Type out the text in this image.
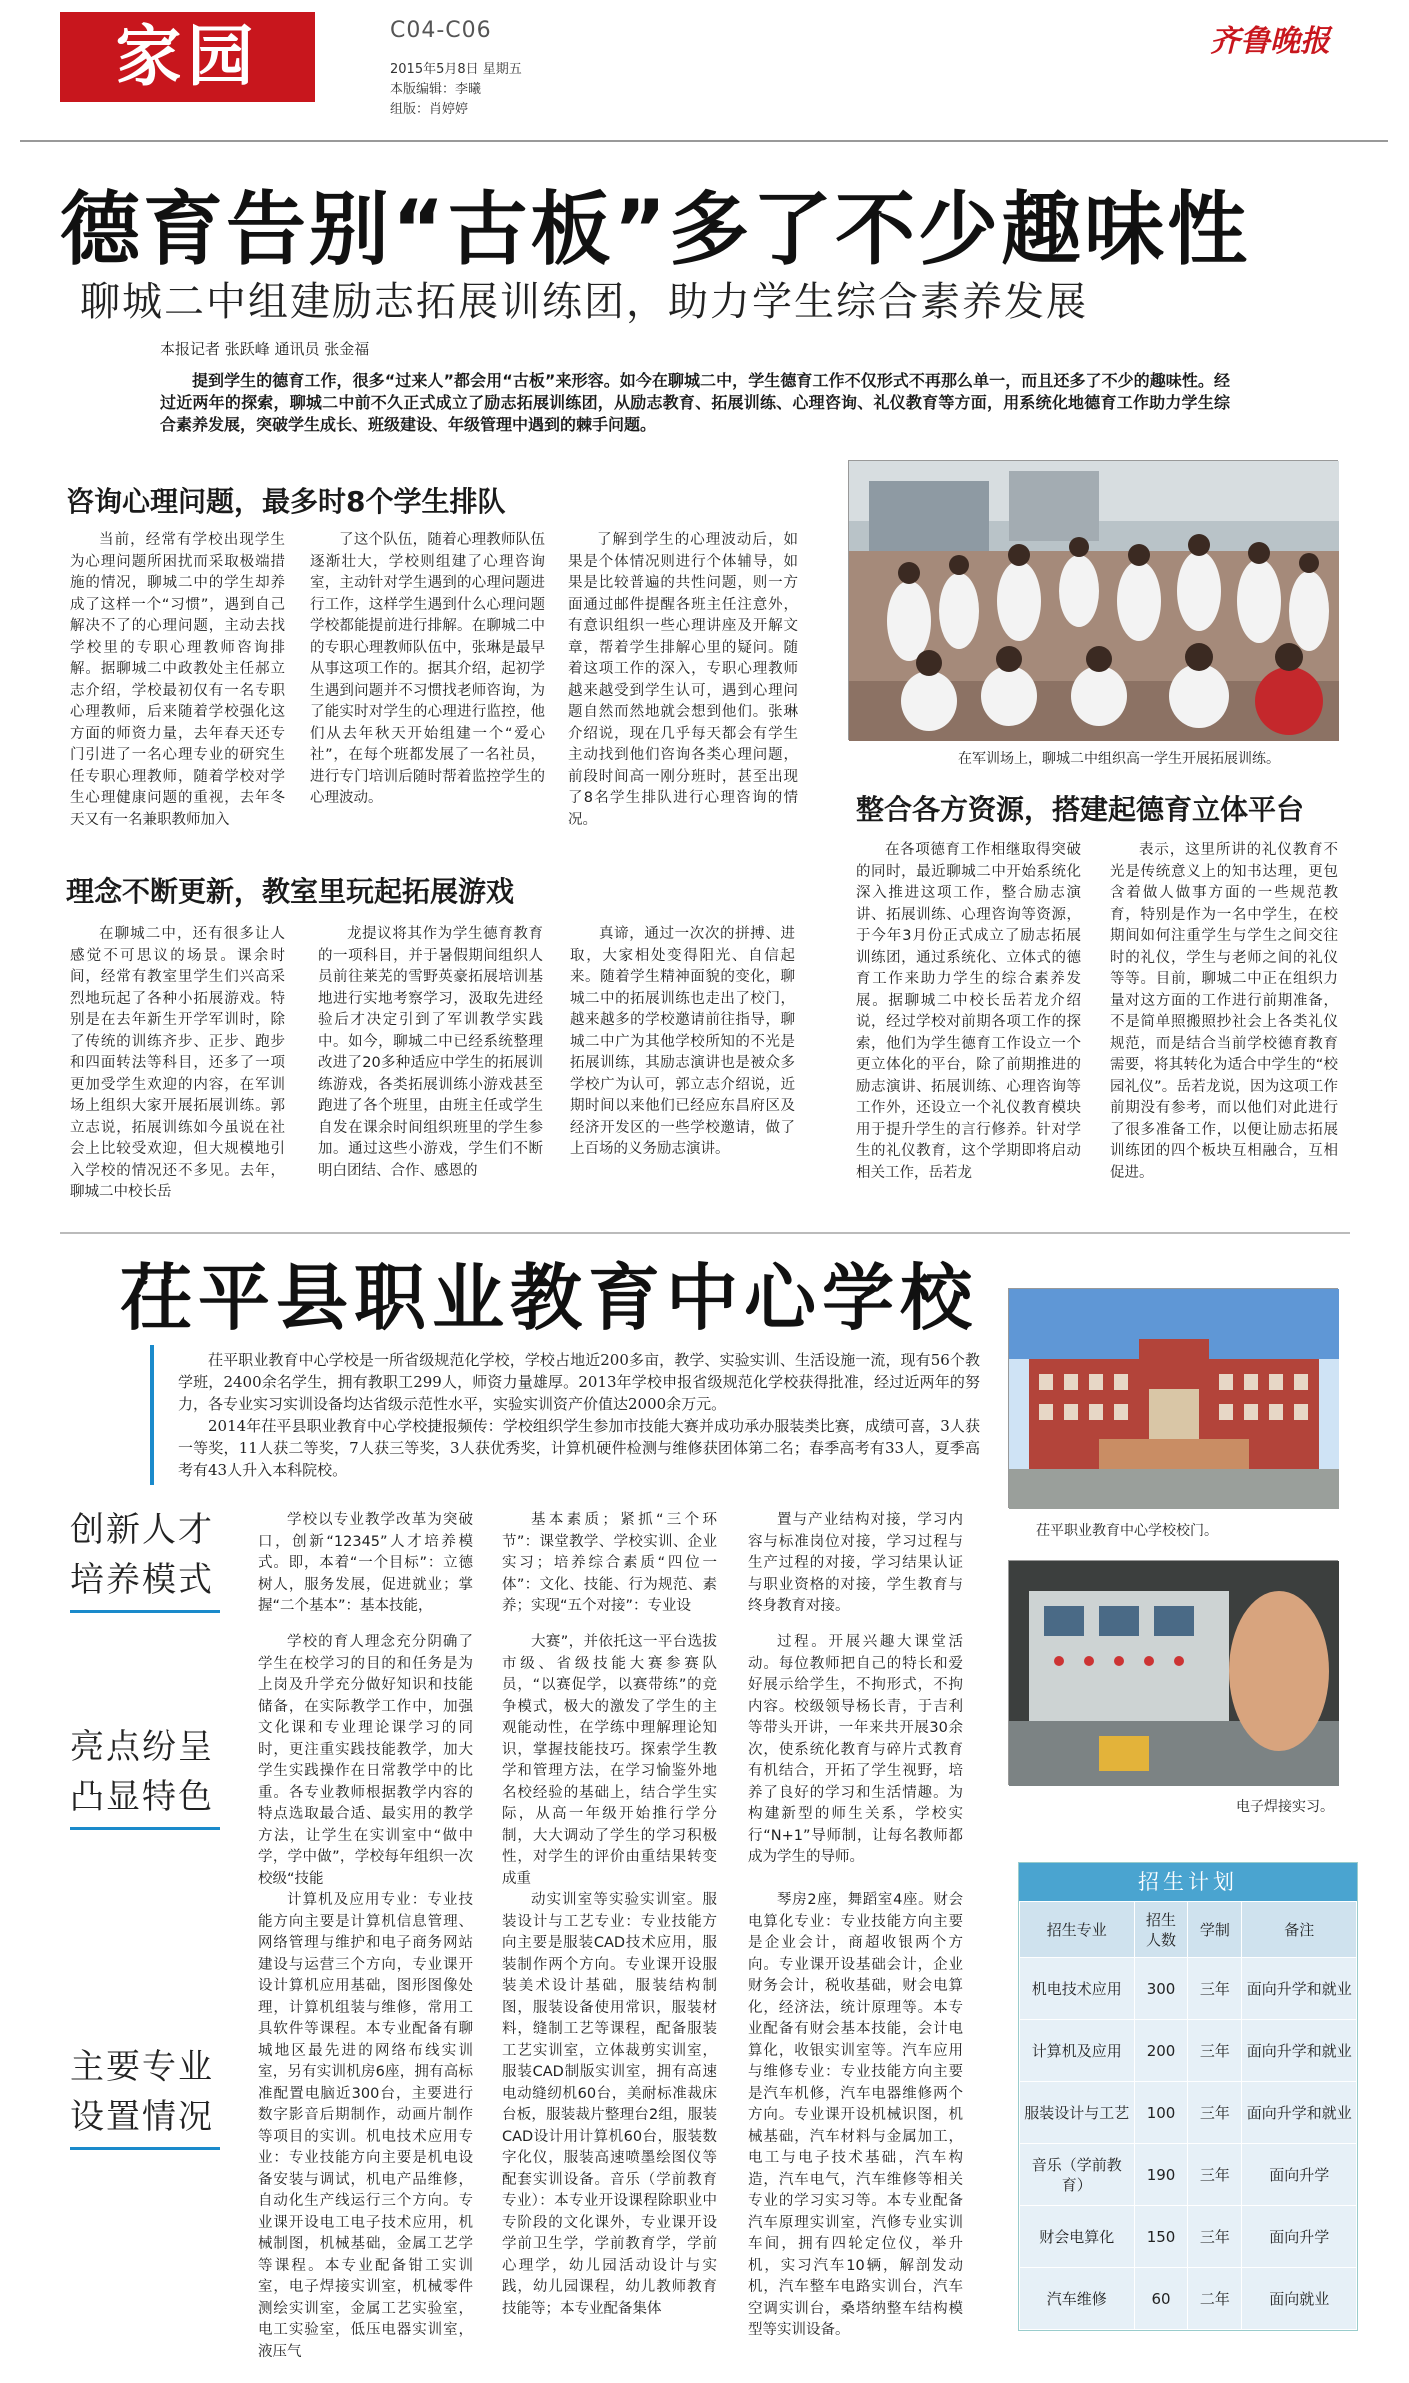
家园	C04-C06
2015年5月8日 星期五
本版编辑：李曦
组版：肖婷婷
齐鲁晚报
德育告别“古板”多了不少趣味性
聊城二中组建励志拓展训练团，助力学生综合素养发展
本报记者 张跃峰 通讯员 张金福
提到学生的德育工作，很多“过来人”都会用“古板”来形容。如今在聊城二中，学生德育工作不仅形式不再那么单一，而且还多了不少的趣味性。经过近两年的探索，聊城二中前不久正式成立了励志拓展训练团，从励志教育、拓展训练、心理咨询、礼仪教育等方面，用系统化地德育工作助力学生综合素养发展，突破学生成长、班级建设、年级管理中遇到的棘手问题。
咨询心理问题，最多时8个学生排队

当前，经常有学校出现学生为心理问题所困扰而采取极端措施的情况，聊城二中的学生却养成了这样一个“习惯”，遇到自己解决不了的心理问题，主动去找学校里的专职心理教师咨询排解。据聊城二中政教处主任郝立志介绍，学校最初仅有一名专职心理教师，后来随着学校强化这方面的师资力量，去年春天还专门引进了一名心理专业的研究生任专职心理教师，随着学校对学生心理健康问题的重视，去年冬天又有一名兼职教师加入

了这个队伍，随着心理教师队伍逐渐壮大，学校则组建了心理咨询室，主动针对学生遇到的心理问题进行工作，这样学生遇到什么心理问题学校都能提前进行排解。在聊城二中的专职心理教师队伍中，张琳是最早从事这项工作的。据其介绍，起初学生遇到问题并不习惯找老师咨询，为了能实时对学生的心理进行监控，他们从去年秋天开始组建一个“爱心社”，在每个班都发展了一名社员，进行专门培训后随时帮着监控学生的心理波动。

了解到学生的心理波动后，如果是个体情况则进行个体辅导，如果是比较普遍的共性问题，则一方面通过邮件提醒各班主任注意外，有意识组织一些心理讲座及开解文章，帮着学生排解心里的疑问。随着这项工作的深入，专职心理教师越来越受到学生认可，遇到心理问题自然而然地就会想到他们。张琳介绍说，现在几乎每天都会有学生主动找到他们咨询各类心理问题，前段时间高一刚分班时，甚至出现了8名学生排队进行心理咨询的情况。

在军训场上，聊城二中组织高一学生开展拓展训练。
理念不断更新，教室里玩起拓展游戏

在聊城二中，还有很多让人感觉不可思议的场景。课余时间，经常有教室里学生们兴高采烈地玩起了各种小拓展游戏。特别是在去年新生开学军训时，除了传统的训练齐步、正步、跑步和四面转法等科目，还多了一项更加受学生欢迎的内容，在军训场上组织大家开展拓展训练。郭立志说，拓展训练如今虽说在社会上比较受欢迎，但大规模地引入学校的情况还不多见。去年，聊城二中校长岳

龙提议将其作为学生德育教育的一项科目，并于暑假期间组织人员前往莱芜的雪野英豪拓展培训基地进行实地考察学习，汲取先进经验后才决定引到了军训教学实践中。如今，聊城二中已经系统整理改进了20多种适应中学生的拓展训练游戏，各类拓展训练小游戏甚至跑进了各个班里，由班主任或学生自发在课余时间组织班里的学生参加。通过这些小游戏，学生们不断明白团结、合作、感恩的

真谛，通过一次次的拼搏、进取，大家相处变得阳光、自信起来。随着学生精神面貌的变化，聊城二中的拓展训练也走出了校门，越来越多的学校邀请前往指导，聊城二中广为其他学校所知的不光是拓展训练，其励志演讲也是被众多学校广为认可，郭立志介绍说，近期时间以来他们已经应东昌府区及经济开发区的一些学校邀请，做了上百场的义务励志演讲。

整合各方资源，搭建起德育立体平台

在各项德育工作相继取得突破的同时，最近聊城二中开始系统化深入推进这项工作，整合励志演讲、拓展训练、心理咨询等资源，于今年3月份正式成立了励志拓展训练团，通过系统化、立体式的德育工作来助力学生的综合素养发展。据聊城二中校长岳若龙介绍说，经过学校对前期各项工作的探索，他们为学生德育工作设立一个更立体化的平台，除了前期推进的励志演讲、拓展训练、心理咨询等工作外，还设立一个礼仪教育模块用于提升学生的言行修养。针对学生的礼仪教育，这个学期即将启动相关工作，岳若龙

表示，这里所讲的礼仪教育不光是传统意义上的知书达理，更包含着做人做事方面的一些规范教育，特别是作为一名中学生，在校期间如何注重学生与学生之间交往时的礼仪，学生与老师之间的礼仪等等。目前，聊城二中正在组织力量对这方面的工作进行前期准备，不是简单照搬照抄社会上各类礼仪规范，而是结合当前学校德育教育需要，将其转化为适合中学生的“校园礼仪”。岳若龙说，因为这项工作前期没有参考，而以他们对此进行了很多准备工作，以便让励志拓展训练团的四个板块互相融合，互相促进。

茌平县职业教育中心学校

茌平职业教育中心学校是一所省级规范化学校，学校占地近200多亩，教学、实验实训、生活设施一流，现有56个教学班，2400余名学生，拥有教职工299人，师资力量雄厚。2013年学校申报省级规范化学校获得批准，经过近两年的努力，各专业实习实训设备均达省级示范性水平，实验实训资产价值达2000余万元。

2014年茌平县职业教育中心学校捷报频传：学校组织学生参加市技能大赛并成功承办服装类比赛，成绩可喜，3人获一等奖，11人获二等奖，7人获三等奖，3人获优秀奖，计算机硬件检测与维修获团体第二名；春季高考有33人，夏季高考有43人升入本科院校。

茌平职业教育中心学校校门。
电子焊接实习。
创新人才培养模式
亮点纷呈凸显特色
主要专业设置情况

学校以专业教学改革为突破口，创新“12345”人才培养模式。即，本着“一个目标”：立德树人，服务发展，促进就业；掌握“二个基本”：基本技能，

基本素质；紧抓“三个环节”：课堂教学、学校实训、企业实习；培养综合素质“四位一体”：文化、技能、行为规范、素养；实现“五个对接”：专业设

置与产业结构对接，学习内容与标准岗位对接，学习过程与生产过程的对接，学习结果认证与职业资格的对接，学生教育与终身教育对接。

学校的育人理念充分阴确了学生在校学习的目的和任务是为上岗及升学充分做好知识和技能储备，在实际教学工作中，加强文化课和专业理论课学习的同时，更注重实践技能教学，加大学生实践操作在日常教学中的比重。各专业教师根据教学内容的特点选取最合适、最实用的教学方法，让学生在实训室中“做中学，学中做”，学校每年组织一次校级“技能

大赛”，并依托这一平台选拔市级、省级技能大赛参赛队员，“以赛促学，以赛带练”的竞争模式，极大的激发了学生的主观能动性，在学练中理解理论知识，掌握技能技巧。探索学生教学和管理方法，在学习愉鉴外地名校经验的基础上，结合学生实际，从高一年级开始推行学分制，大大调动了学生的学习积极性，对学生的评价由重结果转变成重

过程。开展兴趣大课堂活动。每位教师把自己的特长和爱好展示给学生，不拘形式，不拘内容。校级领导杨长青，于吉利等带头开讲，一年来共开展30余次，使系统化教育与碎片式教育有机结合，开拓了学生视野，培养了良好的学习和生活情趣。为构建新型的师生关系，学校实行“N+1”导师制，让每名教师都成为学生的导师。

计算机及应用专业：专业技能方向主要是计算机信息管理、网络管理与维护和电子商务网站建设与运营三个方向，专业课开设计算机应用基础，图形图像处理，计算机组装与维修，常用工具软件等课程。本专业配备有聊城地区最先进的网络布线实训室，另有实训机房6座，拥有高标准配置电脑近300台，主要进行数字影音后期制作，动画片制作等项目的实训。机电技术应用专业：专业技能方向主要是机电设备安装与调试，机电产品维修，自动化生产线运行三个方向。专业课开设电工电子技术应用，机械制图，机械基础，金属工艺学等课程。本专业配备钳工实训室，电子焊接实训室，机械零件测绘实训室，金属工艺实验室，电工实验室，低压电器实训室，液压气

动实训室等实验实训室。服装设计与工艺专业：专业技能方向主要是服装CAD技术应用，服装制作两个方向。专业课开设服装美术设计基础，服装结构制图，服装设备使用常识，服装材料，缝制工艺等课程，配备服装工艺实训室，立体裁剪实训室，服装CAD制版实训室，拥有高速电动缝纫机60台，美耐标准裁床台板，服装裁片整理台2组，服装CAD设计用计算机60台，服装数字化仪，服装高速喷墨绘图仪等配套实训设备。音乐（学前教育专业）：本专业开设课程除职业中专阶段的文化课外，专业课开设学前卫生学，学前教育学，学前心理学，幼儿园活动设计与实践，幼儿园课程，幼儿教师教育技能等；本专业配备集体

琴房2座，舞蹈室4座。财会电算化专业：专业技能方向主要是企业会计，商超收银两个方向。专业课开设基础会计，企业财务会计，税收基础，财会电算化，经济法，统计原理等。本专业配备有财会基本技能，会计电算化，收银实训室等。汽车应用与维修专业：专业技能方向主要是汽车机修，汽车电器维修两个方向。专业课开设机械识图，机械基础，汽车材料与金属加工，电工与电子技术基础，汽车构造，汽车电气，汽车维修等相关专业的学习实习等。本专业配备汽车原理实训室，汽修专业实训车间，拥有四轮定位仪，举升机，实习汽车10辆，解剖发动机，汽车整车电路实训台，汽车空调实训台，桑塔纳整车结构模型等实训设备。

招生计划
招生专业	招生人数	学制	备注
机电技术应用	300	三年	面向升学和就业
计算机及应用	200	三年	面向升学和就业
服装设计与工艺	100	三年	面向升学和就业
音乐（学前教育）	190	三年	面向升学
财会电算化	150	三年	面向升学
汽车维修	60	二年	面向就业
